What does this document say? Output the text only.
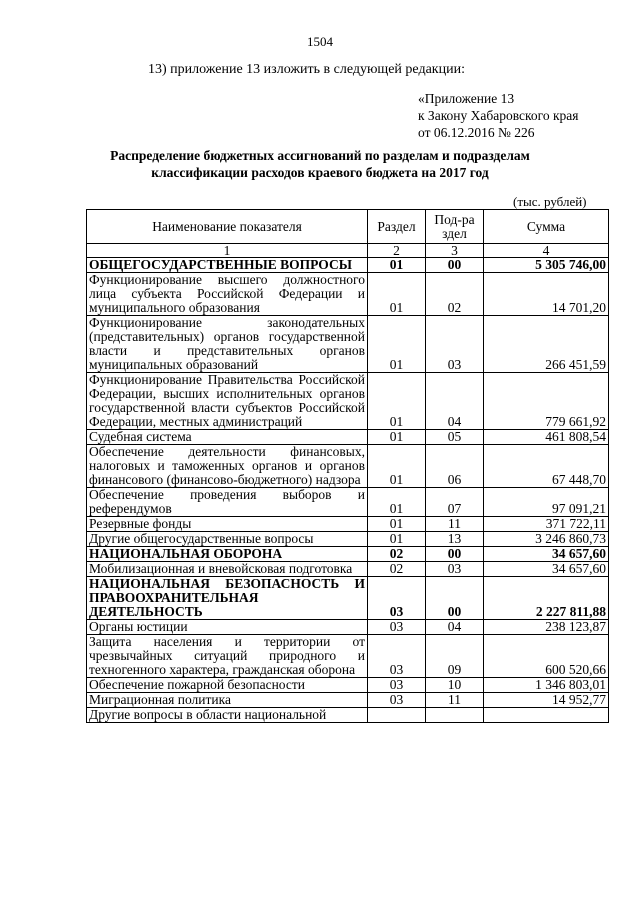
1504
13) приложение 13 изложить в следующей редакции:
«Приложение 13
к Закону Хабаровского края
от 06.12.2016 № 226
Распределение бюджетных ассигнований по разделам и подразделам
классификации расходов краевого бюджета на 2017 год
(тыс. рублей)
Наименование показателя	Раздел	Под-раздел	Сумма
1	2	3	4
ОБЩЕГОСУДАРСТВЕННЫЕ ВОПРОСЫ	01	00	5 305 746,00
Функционирование высшего должностного лица субъекта Российской Федерации и муниципального образования	01	02	14 701,20
Функционирование законодательных (представительных) органов государственной власти и представительных органов муниципальных образований	01	03	266 451,59
Функционирование Правительства Российской Федерации, высших исполнительных органов государственной власти субъектов Российской Федерации, местных администраций	01	04	779 661,92
Судебная система	01	05	461 808,54
Обеспечение деятельности финансовых, налоговых и таможенных органов и органов финансового (финансово-бюджетного) надзора	01	06	67 448,70
Обеспечение проведения выборов и референдумов	01	07	97 091,21
Резервные фонды	01	11	371 722,11
Другие общегосударственные вопросы	01	13	3 246 860,73
НАЦИОНАЛЬНАЯ ОБОРОНА	02	00	34 657,60
Мобилизационная и вневойсковая подготовка	02	03	34 657,60
НАЦИОНАЛЬНАЯ БЕЗОПАСНОСТЬ И ПРАВООХРАНИТЕЛЬНАЯ ДЕЯТЕЛЬНОСТЬ	03	00	2 227 811,88
Органы юстиции	03	04	238 123,87
Защита населения и территории от чрезвычайных ситуаций природного и техногенного характера, гражданская оборона	03	09	600 520,66
Обеспечение пожарной безопасности	03	10	1 346 803,01
Миграционная политика	03	11	14 952,77
Другие вопросы в области национальной			
